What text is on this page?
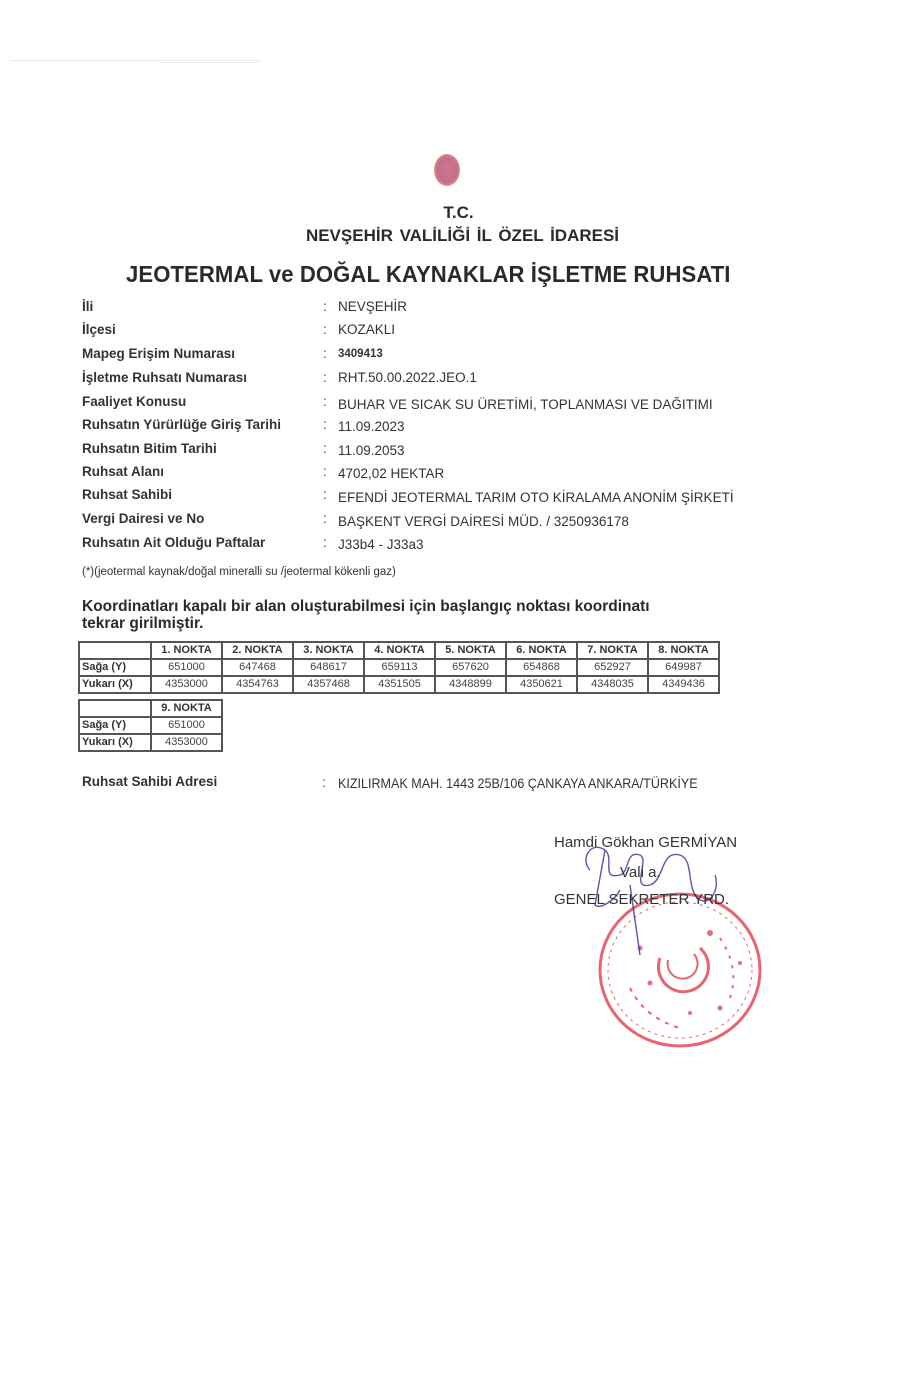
T.C.
NEVŞEHİR VALİLİĞİ İL ÖZEL İDARESİ
JEOTERMAL ve DOĞAL KAYNAKLAR İŞLETME RUHSATI
İli	: NEVŞEHİR
İlçesi	: KOZAKLI
Mapeg Erişim Numarası	: 3409413
İşletme Ruhsatı Numarası	: RHT.50.00.2022.JEO.1
Faaliyet Konusu	: BUHAR VE SICAK SU ÜRETİMİ, TOPLANMASI VE DAĞITIMI
Ruhsatın Yürürlüğe Giriş Tarihi	: 11.09.2023
Ruhsatın Bitim Tarihi	: 11.09.2053
Ruhsat Alanı	: 4702,02 HEKTAR
Ruhsat Sahibi	: EFENDİ JEOTERMAL TARIM OTO KİRALAMA ANONİM ŞİRKETİ
Vergi Dairesi ve No	: BAŞKENT VERGİ DAİRESİ MÜD. / 3250936178
Ruhsatın Ait Olduğu Paftalar	: J33b4 - J33a3
(*)(jeotermal kaynak/doğal mineralli su /jeotermal kökenli gaz)
Koordinatları kapalı bir alan oluşturabilmesi için başlangıç noktası koordinatı tekrar girilmiştir.
	1. NOKTA	2. NOKTA	3. NOKTA	4. NOKTA	5. NOKTA	6. NOKTA	7. NOKTA	8. NOKTA
Sağa (Y)	651000	647468	648617	659113	657620	654868	652927	649987
Yukarı (X)	4353000	4354763	4357468	4351505	4348899	4350621	4348035	4349436
	9. NOKTA
Sağa (Y)	651000
Yukarı (X)	4353000
Ruhsat Sahibi Adresi	: KIZILIRMAK MAH. 1443 25B/106 ÇANKAYA ANKARA/TÜRKİYE
Hamdi Gökhan GERMİYAN
Vali a.
GENEL SEKRETER YRD.
